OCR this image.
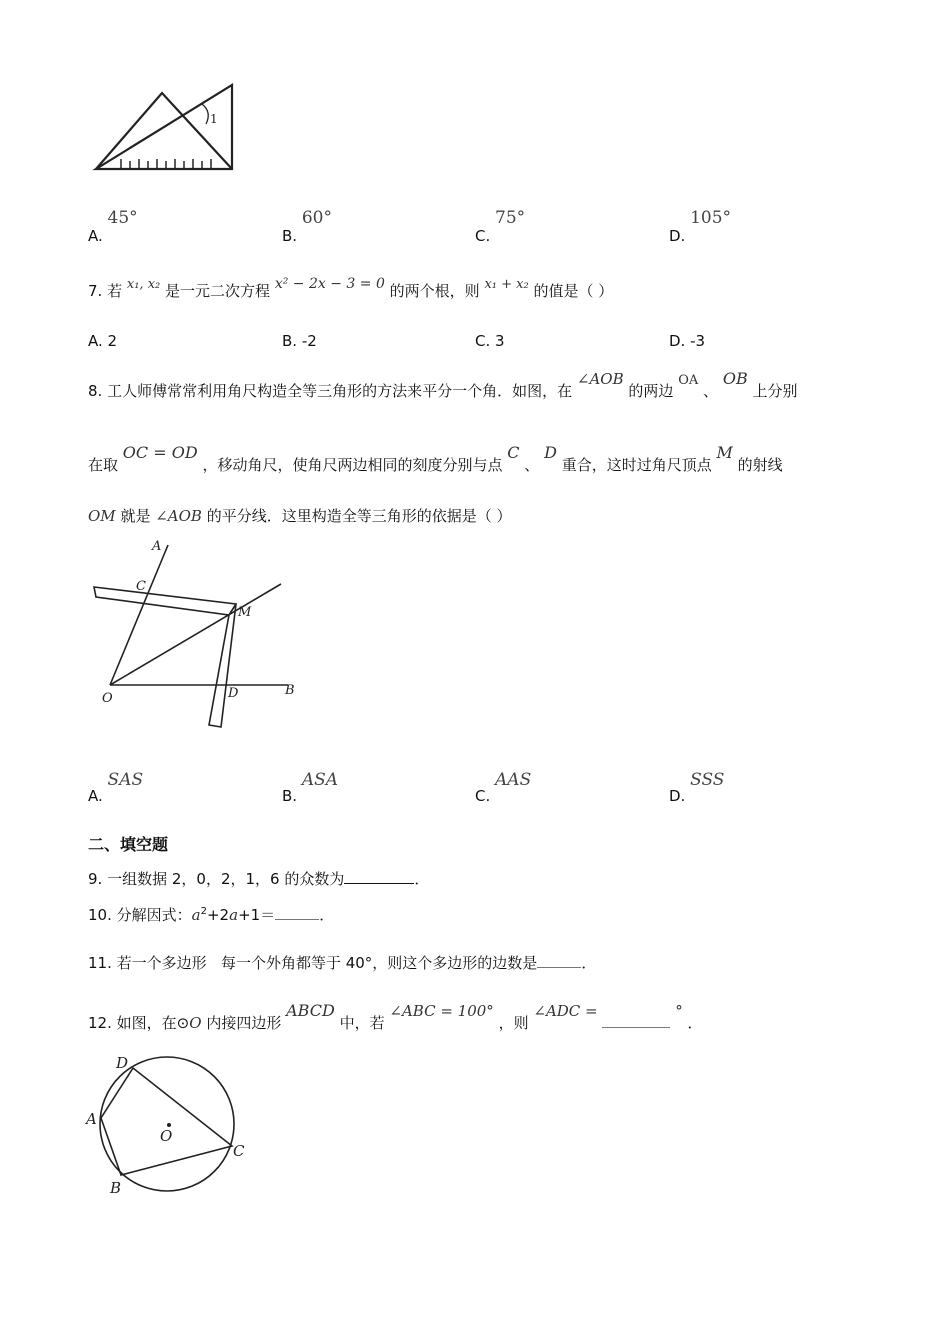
1
A. 45°
B. 60°
C. 75°
D. 105°
7. 若 x₁, x₂ 是一元二次方程 x² − 2x − 3 = 0 的两个根，则 x₁ + x₂ 的值是（ ）
A. 2	B. -2	C. 3	D. -3
8. 工人师傅常常利用角尺构造全等三角形的方法来平分一个角．如图，在 ∠AOB 的两边 OA 、 OB 上分别
在取 OC = OD ，移动角尺，使角尺两边相同的刻度分别与点 C 、 D 重合，这时过角尺顶点 M 的射线
OM 就是 ∠AOB 的平分线．这里构造全等三角形的依据是（ ）
A
C
M
O	D	B
A. SAS
B. ASA
C. AAS
D. SSS
二、填空题
9. 一组数据 2，0，2，1，6 的众数为	．
10. 分解因式：$a^2+2a+1=$	．
11. 若一个多边形   每一个外角都等于 40°，则这个多边形的边数是	．
12. 如图，在⊙O 内接四边形 ABCD 中，若 ∠ABC = 100° ，则 ∠ADC =	° ．
D
A
O
C
B
